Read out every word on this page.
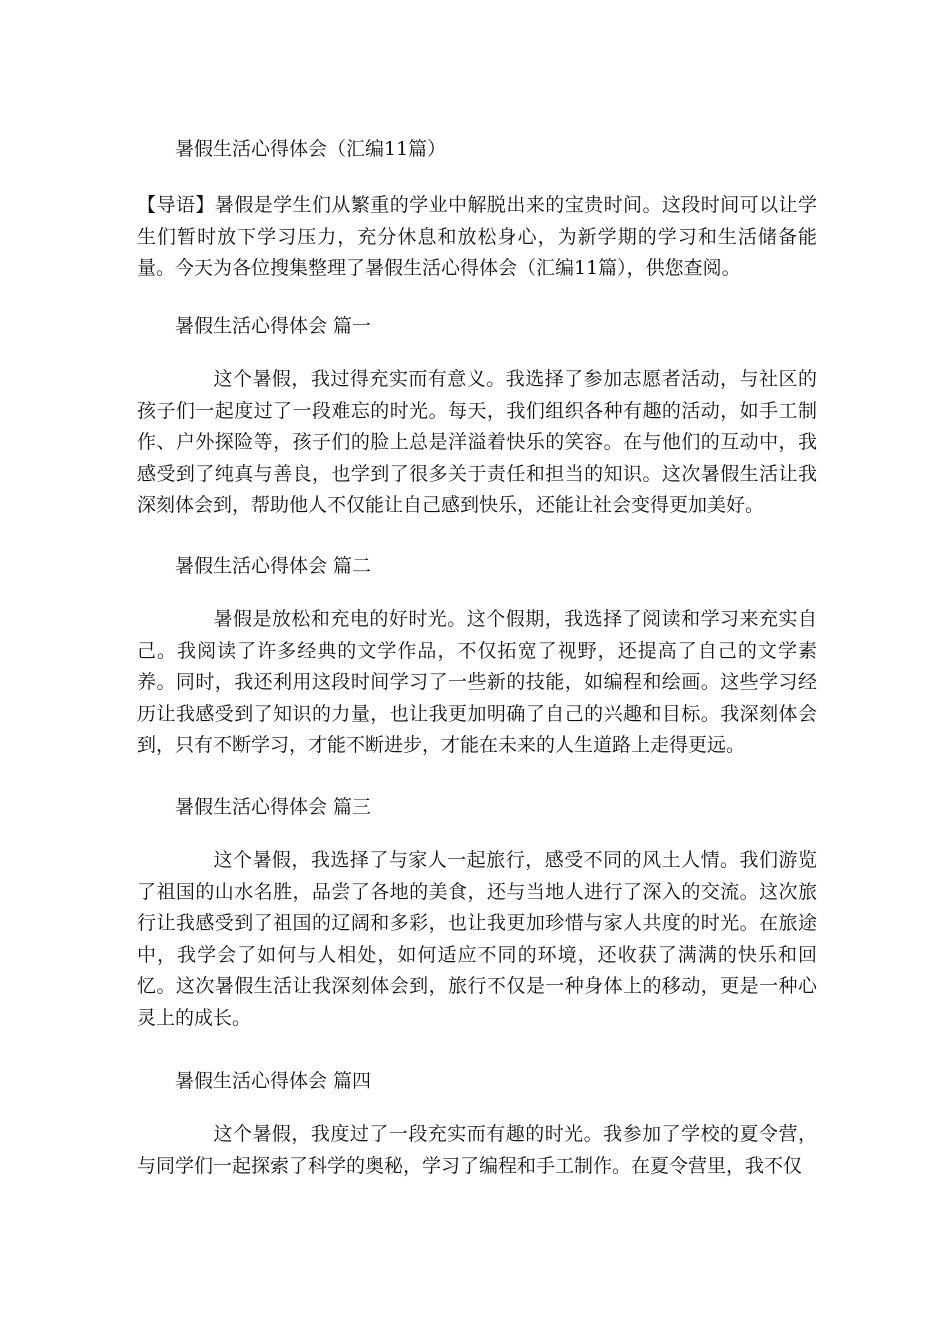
暑假生活心得体会（汇编11篇）

【导语】暑假是学生们从繁重的学业中解脱出来的宝贵时间。这段时间可以让学生们暂时放下学习压力，充分休息和放松身心，为新学期的学习和生活储备能量。今天为各位搜集整理了暑假生活心得体会（汇编11篇），供您查阅。

暑假生活心得体会 篇一

这个暑假，我过得充实而有意义。我选择了参加志愿者活动，与社区的孩子们一起度过了一段难忘的时光。每天，我们组织各种有趣的活动，如手工制作、户外探险等，孩子们的脸上总是洋溢着快乐的笑容。在与他们的互动中，我感受到了纯真与善良，也学到了很多关于责任和担当的知识。这次暑假生活让我深刻体会到，帮助他人不仅能让自己感到快乐，还能让社会变得更加美好。

暑假生活心得体会 篇二

暑假是放松和充电的好时光。这个假期，我选择了阅读和学习来充实自己。我阅读了许多经典的文学作品，不仅拓宽了视野，还提高了自己的文学素养。同时，我还利用这段时间学习了一些新的技能，如编程和绘画。这些学习经历让我感受到了知识的力量，也让我更加明确了自己的兴趣和目标。我深刻体会到，只有不断学习，才能不断进步，才能在未来的人生道路上走得更远。

暑假生活心得体会 篇三

这个暑假，我选择了与家人一起旅行，感受不同的风土人情。我们游览了祖国的山水名胜，品尝了各地的美食，还与当地人进行了深入的交流。这次旅行让我感受到了祖国的辽阔和多彩，也让我更加珍惜与家人共度的时光。在旅途中，我学会了如何与人相处，如何适应不同的环境，还收获了满满的快乐和回忆。这次暑假生活让我深刻体会到，旅行不仅是一种身体上的移动，更是一种心灵上的成长。

暑假生活心得体会 篇四

这个暑假，我度过了一段充实而有趣的时光。我参加了学校的夏令营，与同学们一起探索了科学的奥秘，学习了编程和手工制作。在夏令营里，我不仅
